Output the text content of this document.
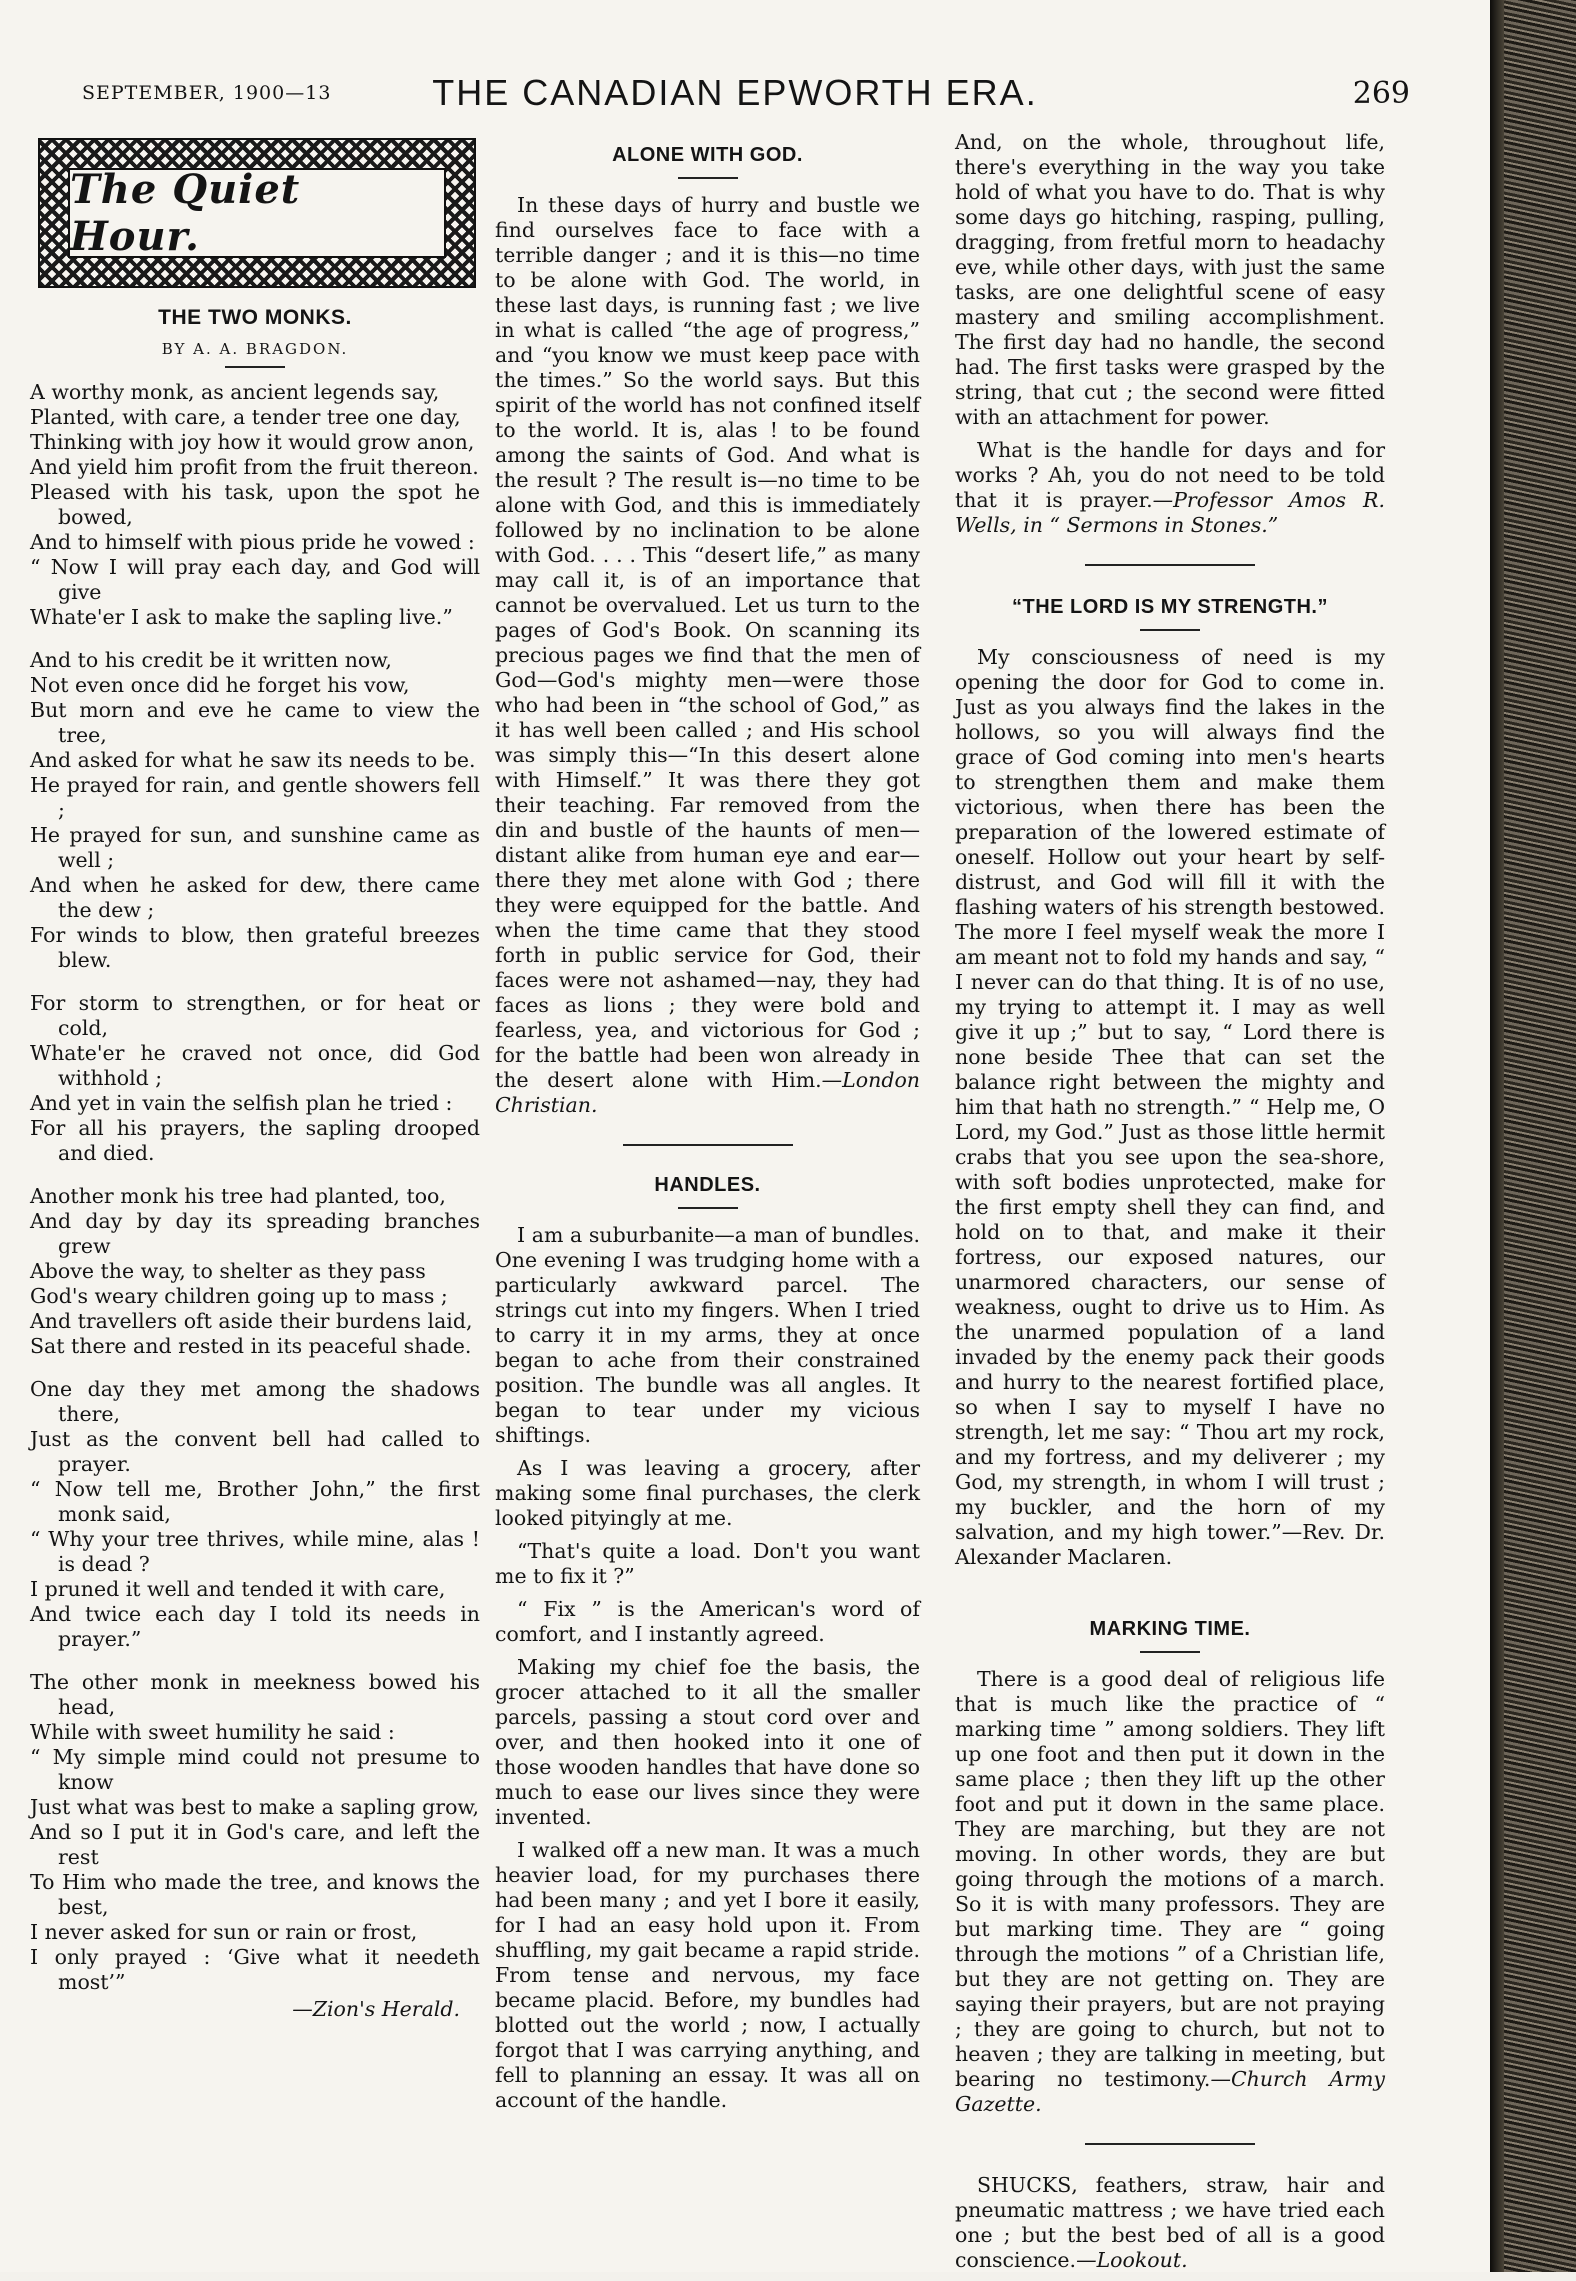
SEPTEMBER, 1900—13	THE CANADIAN EPWORTH ERA.	269
The Quiet Hour.
THE TWO MONKS.
BY A. A. BRAGDON.
A worthy monk, as ancient legends say,
Planted, with care, a tender tree one day,
Thinking with joy how it would grow anon,
And yield him profit from the fruit thereon.
Pleased with his task, upon the spot he bowed,
And to himself with pious pride he vowed :
“ Now I will pray each day, and God will give
Whate'er I ask to make the sapling live.”
And to his credit be it written now,
Not even once did he forget his vow,
But morn and eve he came to view the tree,
And asked for what he saw its needs to be.
He prayed for rain, and gentle showers fell ;
He prayed for sun, and sunshine came as well ;
And when he asked for dew, there came the dew ;
For winds to blow, then grateful breezes blew.
For storm to strengthen, or for heat or cold,
Whate'er he craved not once, did God withhold ;
And yet in vain the selfish plan he tried :
For all his prayers, the sapling drooped and died.
Another monk his tree had planted, too,
And day by day its spreading branches grew
Above the way, to shelter as they pass
God's weary children going up to mass ;
And travellers oft aside their burdens laid,
Sat there and rested in its peaceful shade.
One day they met among the shadows there,
Just as the convent bell had called to prayer.
“ Now tell me, Brother John,” the first monk said,
“ Why your tree thrives, while mine, alas ! is dead ?
I pruned it well and tended it with care,
And twice each day I told its needs in prayer.”
The other monk in meekness bowed his head,
While with sweet humility he said :
“ My simple mind could not presume to know
Just what was best to make a sapling grow,
And so I put it in God's care, and left the rest
To Him who made the tree, and knows the best,
I never asked for sun or rain or frost,
I only prayed : ‘Give what it needeth most’”
—Zion's Herald.
ALONE WITH GOD.

In these days of hurry and bustle we find ourselves face to face with a terrible danger ; and it is this—no time to be alone with God. The world, in these last days, is running fast ; we live in what is called “the age of progress,” and “you know we must keep pace with the times.” So the world says. But this spirit of the world has not confined itself to the world. It is, alas ! to be found among the saints of God. And what is the result ? The result is—no time to be alone with God, and this is immediately followed by no inclination to be alone with God. . . . This “desert life,” as many may call it, is of an importance that cannot be overvalued. Let us turn to the pages of God's Book. On scanning its precious pages we find that the men of God—God's mighty men—were those who had been in “the school of God,” as it has well been called ; and His school was simply this—“In this desert alone with Himself.” It was there they got their teaching. Far removed from the din and bustle of the haunts of men—distant alike from human eye and ear—there they met alone with God ; there they were equipped for the battle. And when the time came that they stood forth in public service for God, their faces were not ashamed—nay, they had faces as lions ; they were bold and fearless, yea, and victorious for God ; for the battle had been won already in the desert alone with Him.—London Christian.

HANDLES.

I am a suburbanite—a man of bundles. One evening I was trudging home with a particularly awkward parcel. The strings cut into my fingers. When I tried to carry it in my arms, they at once began to ache from their constrained position. The bundle was all angles. It began to tear under my vicious shiftings.

As I was leaving a grocery, after making some final purchases, the clerk looked pityingly at me.

“That's quite a load. Don't you want me to fix it ?”

“ Fix ” is the American's word of comfort, and I instantly agreed.

Making my chief foe the basis, the grocer attached to it all the smaller parcels, passing a stout cord over and over, and then hooked into it one of those wooden handles that have done so much to ease our lives since they were invented.

I walked off a new man. It was a much heavier load, for my purchases there had been many ; and yet I bore it easily, for I had an easy hold upon it. From shuffling, my gait became a rapid stride. From tense and nervous, my face became placid. Before, my bundles had blotted out the world ; now, I actually forgot that I was carrying anything, and fell to planning an essay. It was all on account of the handle.

And, on the whole, throughout life, there's everything in the way you take hold of what you have to do. That is why some days go hitching, rasping, pulling, dragging, from fretful morn to headachy eve, while other days, with just the same tasks, are one delightful scene of easy mastery and smiling accomplishment. The first day had no handle, the second had. The first tasks were grasped by the string, that cut ; the second were fitted with an attachment for power.

What is the handle for days and for works ? Ah, you do not need to be told that it is prayer.—Professor Amos R. Wells, in “ Sermons in Stones.”

“THE LORD IS MY STRENGTH.”

My consciousness of need is my opening the door for God to come in. Just as you always find the lakes in the hollows, so you will always find the grace of God coming into men's hearts to strengthen them and make them victorious, when there has been the preparation of the lowered estimate of oneself. Hollow out your heart by self-distrust, and God will fill it with the flashing waters of his strength bestowed. The more I feel myself weak the more I am meant not to fold my hands and say, “ I never can do that thing. It is of no use, my trying to attempt it. I may as well give it up ;” but to say, “ Lord there is none beside Thee that can set the balance right between the mighty and him that hath no strength.” “ Help me, O Lord, my God.” Just as those little hermit crabs that you see upon the sea-shore, with soft bodies unprotected, make for the first empty shell they can find, and hold on to that, and make it their fortress, our exposed natures, our unarmored characters, our sense of weakness, ought to drive us to Him. As the unarmed population of a land invaded by the enemy pack their goods and hurry to the nearest fortified place, so when I say to myself I have no strength, let me say: “ Thou art my rock, and my fortress, and my deliverer ; my God, my strength, in whom I will trust ; my buckler, and the horn of my salvation, and my high tower.”—Rev. Dr. Alexander Maclaren.

MARKING TIME.

There is a good deal of religious life that is much like the practice of “ marking time ” among soldiers. They lift up one foot and then put it down in the same place ; then they lift up the other foot and put it down in the same place. They are marching, but they are not moving. In other words, they are but going through the motions of a march. So it is with many professors. They are but marking time. They are “ going through the motions ” of a Christian life, but they are not getting on. They are saying their prayers, but are not praying ; they are going to church, but not to heaven ; they are talking in meeting, but bearing no testimony.—Church Army Gazette.

SHUCKS, feathers, straw, hair and pneumatic mattress ; we have tried each one ; but the best bed of all is a good conscience.—Lookout.
